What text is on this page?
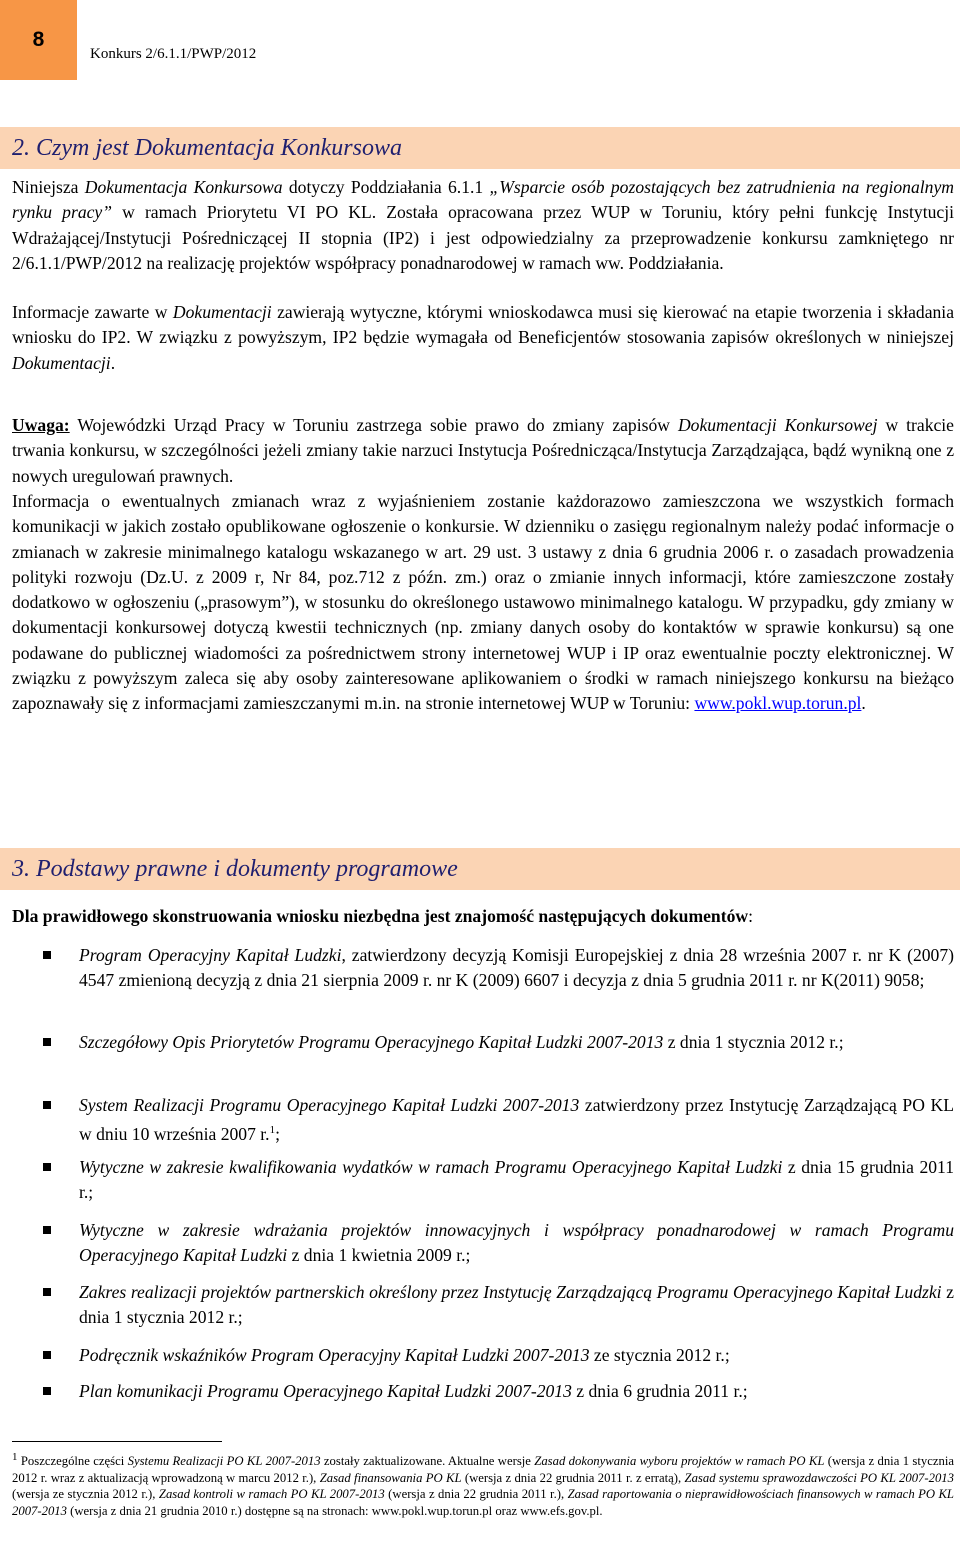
8
Konkurs 2/6.1.1/PWP/2012
2. Czym jest Dokumentacja Konkursowa

Niniejsza Dokumentacja Konkursowa dotyczy Poddziałania 6.1.1 „Wsparcie osób pozostających bez zatrudnienia na regionalnym rynku pracy” w ramach Priorytetu VI PO KL. Została opracowana przez WUP w Toruniu, który pełni funkcję Instytucji Wdrażającej/Instytucji Pośredniczącej II stopnia (IP2) i jest odpowiedzialny za przeprowadzenie konkursu zamkniętego nr 2/6.1.1/PWP/2012 na realizację projektów współpracy ponadnarodowej w ramach ww. Poddziałania.

Informacje zawarte w Dokumentacji zawierają wytyczne, którymi wnioskodawca musi się kierować na etapie tworzenia i składania wniosku do IP2. W związku z powyższym, IP2 będzie wymagała od Beneficjentów stosowania zapisów określonych w niniejszej Dokumentacji.

Uwaga: Wojewódzki Urząd Pracy w Toruniu zastrzega sobie prawo do zmiany zapisów Dokumentacji Konkursowej w trakcie trwania konkursu, w szczególności jeżeli zmiany takie narzuci Instytucja Pośrednicząca/Instytucja Zarządzająca, bądź wynikną one z nowych uregulowań prawnych.

Informacja o ewentualnych zmianach wraz z wyjaśnieniem zostanie każdorazowo zamieszczona we wszystkich formach komunikacji w jakich zostało opublikowane ogłoszenie o konkursie. W dzienniku o zasięgu regionalnym należy podać informacje o zmianach w zakresie minimalnego katalogu wskazanego w art. 29 ust. 3 ustawy z dnia 6 grudnia 2006 r. o zasadach prowadzenia polityki rozwoju (Dz.U. z 2009 r, Nr 84, poz.712 z późn. zm.) oraz o zmianie innych informacji, które zamieszczone zostały dodatkowo w ogłoszeniu („prasowym”), w stosunku do określonego ustawowo minimalnego katalogu. W przypadku, gdy zmiany w dokumentacji konkursowej dotyczą kwestii technicznych (np. zmiany danych osoby do kontaktów w sprawie konkursu) są one podawane do publicznej wiadomości za pośrednictwem strony internetowej WUP i IP oraz ewentualnie poczty elektronicznej. W związku z powyższym zaleca się aby osoby zainteresowane aplikowaniem o środki w ramach niniejszego konkursu na bieżąco zapoznawały się z informacjami zamieszczanymi m.in. na stronie internetowej WUP w Toruniu: www.pokl.wup.torun.pl.

3. Podstawy prawne i dokumenty programowe
Dla prawidłowego skonstruowania wniosku niezbędna jest znajomość następujących dokumentów:
Program Operacyjny Kapitał Ludzki, zatwierdzony decyzją Komisji Europejskiej z dnia 28 września 2007 r. nr K (2007) 4547 zmienioną decyzją z dnia 21 sierpnia 2009 r. nr K (2009) 6607 i decyzja z dnia 5 grudnia 2011 r. nr K(2011) 9058;
Szczegółowy Opis Priorytetów Programu Operacyjnego Kapitał Ludzki 2007-2013 z dnia 1 stycznia 2012 r.;
System Realizacji Programu Operacyjnego Kapitał Ludzki 2007-2013 zatwierdzony przez Instytucję Zarządzającą PO KL w dniu 10 września 2007 r.$^1$;
Wytyczne w zakresie kwalifikowania wydatków w ramach Programu Operacyjnego Kapitał Ludzki z dnia 15 grudnia 2011 r.;
Wytyczne w zakresie wdrażania projektów innowacyjnych i współpracy ponadnarodowej w ramach Programu Operacyjnego Kapitał Ludzki z dnia 1 kwietnia 2009 r.;
Zakres realizacji projektów partnerskich określony przez Instytucję Zarządzającą Programu Operacyjnego Kapitał Ludzki z dnia 1 stycznia 2012 r.;
Podręcznik wskaźników Program Operacyjny Kapitał Ludzki 2007-2013 ze stycznia 2012 r.;
Plan komunikacji Programu Operacyjnego Kapitał Ludzki 2007-2013 z dnia 6 grudnia 2011 r.;
$^1$ Poszczególne części Systemu Realizacji PO KL 2007-2013 zostały zaktualizowane. Aktualne wersje Zasad dokonywania wyboru projektów w ramach PO KL (wersja z dnia 1 stycznia 2012 r. wraz z aktualizacją wprowadzoną w marcu 2012 r.), Zasad finansowania PO KL (wersja z dnia 22 grudnia 2011 r. z erratą), Zasad systemu sprawozdawczości PO KL 2007-2013 (wersja ze stycznia 2012 r.), Zasad kontroli w ramach PO KL 2007-2013 (wersja z dnia 22 grudnia 2011 r.), Zasad raportowania o nieprawidłowościach finansowych w ramach PO KL 2007-2013 (wersja z dnia 21 grudnia 2010 r.) dostępne są na stronach: www.pokl.wup.torun.pl oraz www.efs.gov.pl.
